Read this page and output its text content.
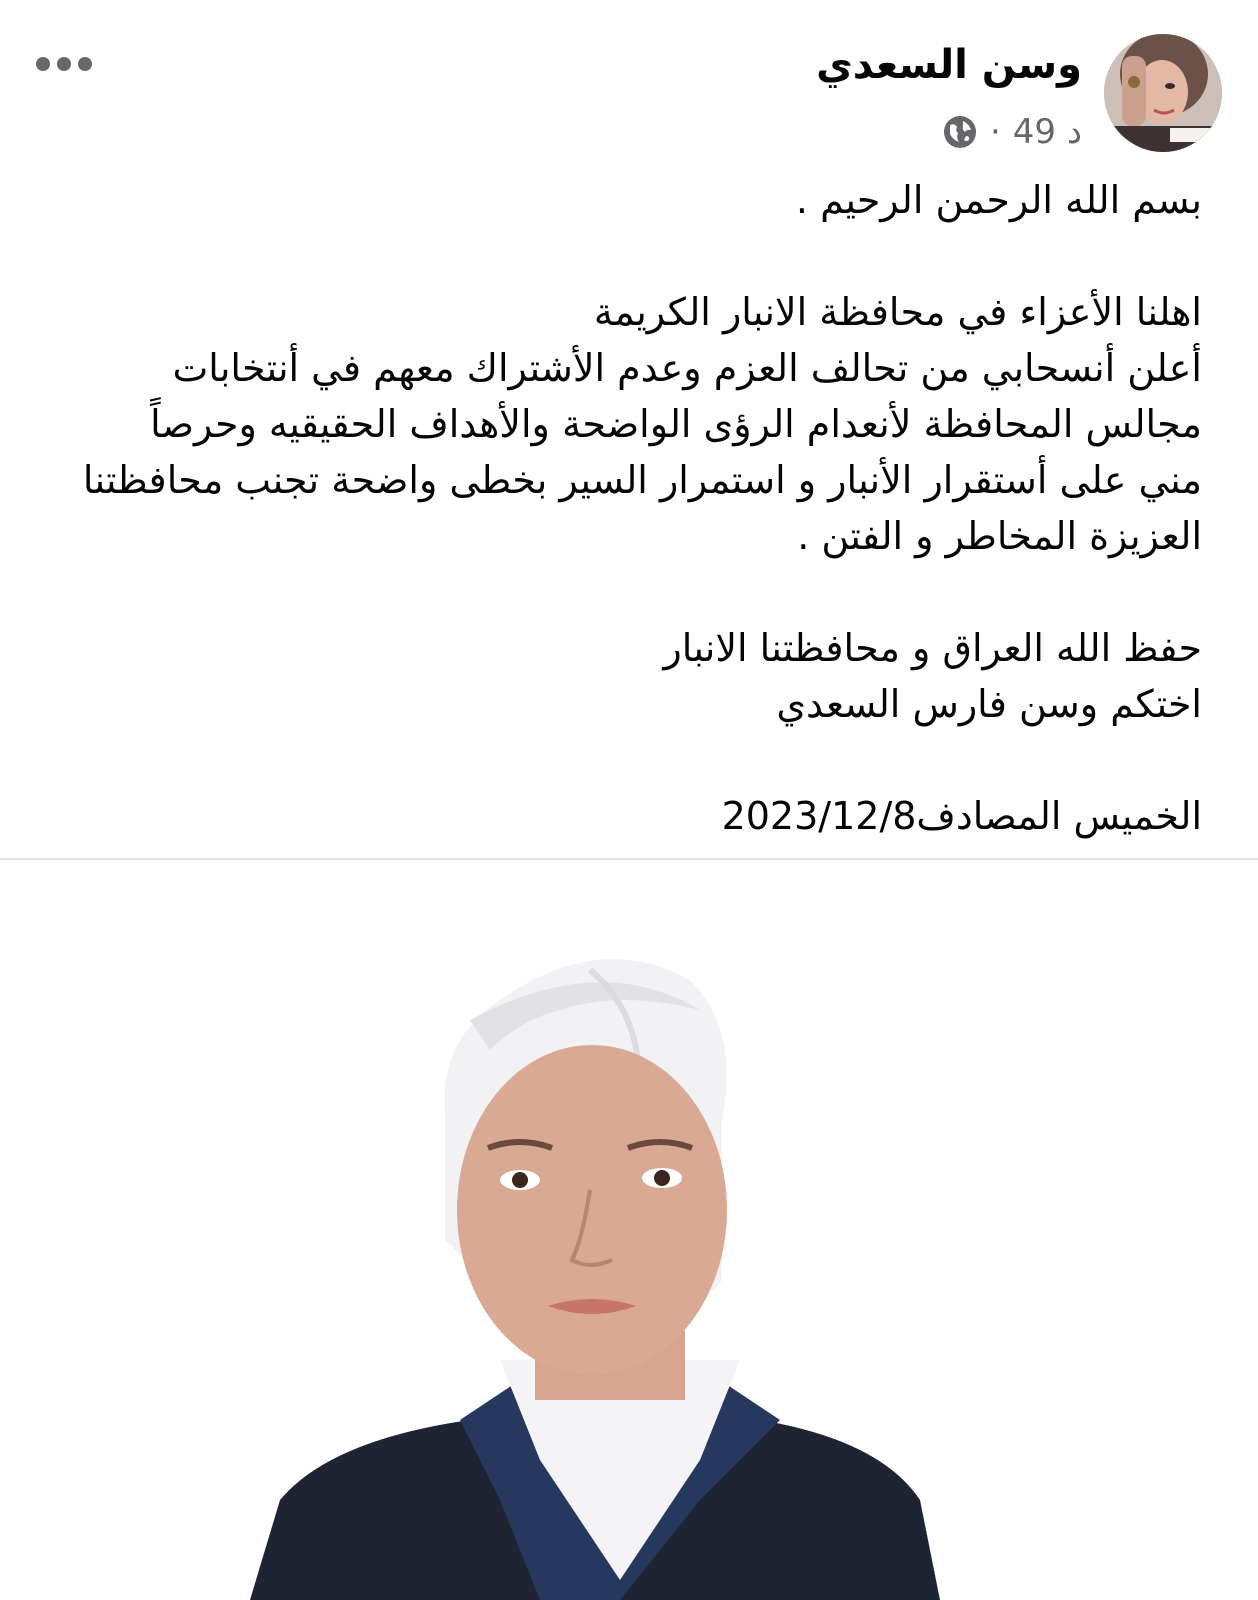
وسن السعدي
49 د
·

بسم الله الرحمن الرحيم .

اهلنا الأعزاء في محافظة الانبار الكريمة

أعلن أنسحابي من تحالف العزم وعدم الأشتراك معهم في أنتخابات

مجالس المحافظة لأنعدام الرؤى الواضحة والأهداف الحقيقيه وحرصاً

مني على أستقرار الأنبار و استمرار السير بخطى واضحة تجنب محافظتنا

العزيزة المخاطر و الفتن .

حفظ الله العراق و محافظتنا الانبار

اختكم وسن فارس السعدي

الخميس المصادف2023/12/8
